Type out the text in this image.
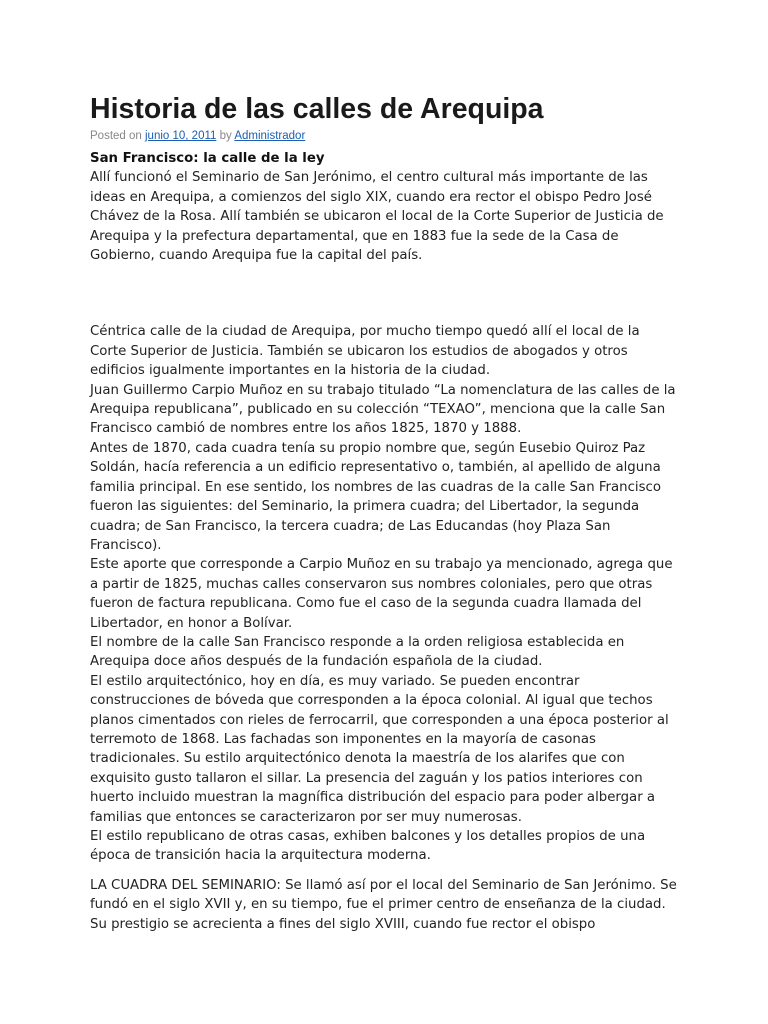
Historia de las calles de Arequipa
Posted on junio 10, 2011 by Administrador
San Francisco: la calle de la ley

Allí funcionó el Seminario de San Jerónimo, el centro cultural más importante de las ideas en Arequipa, a comienzos del siglo XIX, cuando era rector el obispo Pedro José Chávez de la Rosa. Allí también se ubicaron el local de la Corte Superior de Justicia de Arequipa y la prefectura departamental, que en 1883 fue la sede de la Casa de Gobierno, cuando Arequipa fue la capital del país.

Céntrica calle de la ciudad de Arequipa, por mucho tiempo quedó allí el local de la Corte Superior de Justicia. También se ubicaron los estudios de abogados y otros edificios igualmente importantes en la historia de la ciudad.

Juan Guillermo Carpio Muñoz en su trabajo titulado “La nomenclatura de las calles de la Arequipa republicana”, publicado en su colección “TEXAO”, menciona que la calle San Francisco cambió de nombres entre los años 1825, 1870 y 1888.

Antes de 1870, cada cuadra tenía su propio nombre que, según Eusebio Quiroz Paz Soldán, hacía referencia a un edificio representativo o, también, al apellido de alguna familia principal. En ese sentido, los nombres de las cuadras de la calle San Francisco fueron las siguientes: del Seminario, la primera cuadra; del Libertador, la segunda cuadra; de San Francisco, la tercera cuadra; de Las Educandas (hoy Plaza San Francisco).

Este aporte que corresponde a Carpio Muñoz en su trabajo ya mencionado, agrega que a partir de 1825, muchas calles conservaron sus nombres coloniales, pero que otras fueron de factura republicana. Como fue el caso de la segunda cuadra llamada del Libertador, en honor a Bolívar.

El nombre de la calle San Francisco responde a la orden religiosa establecida en Arequipa doce años después de la fundación española de la ciudad.

El estilo arquitectónico, hoy en día, es muy variado. Se pueden encontrar construcciones de bóveda que corresponden a la época colonial. Al igual que techos planos cimentados con rieles de ferrocarril, que corresponden a una época posterior al terremoto de 1868. Las fachadas son imponentes en la mayoría de casonas tradicionales. Su estilo arquitectónico denota la maestría de los alarifes que con exquisito gusto tallaron el sillar. La presencia del zaguán y los patios interiores con huerto incluido muestran la magnífica distribución del espacio para poder albergar a familias que entonces se caracterizaron por ser muy numerosas.

El estilo republicano de otras casas, exhiben balcones y los detalles propios de una época de transición hacia la arquitectura moderna.

LA CUADRA DEL SEMINARIO: Se llamó así por el local del Seminario de San Jerónimo. Se fundó en el siglo XVII y, en su tiempo, fue el primer centro de enseñanza de la ciudad. Su prestigio se acrecienta a fines del siglo XVIII, cuando fue rector el obispo
